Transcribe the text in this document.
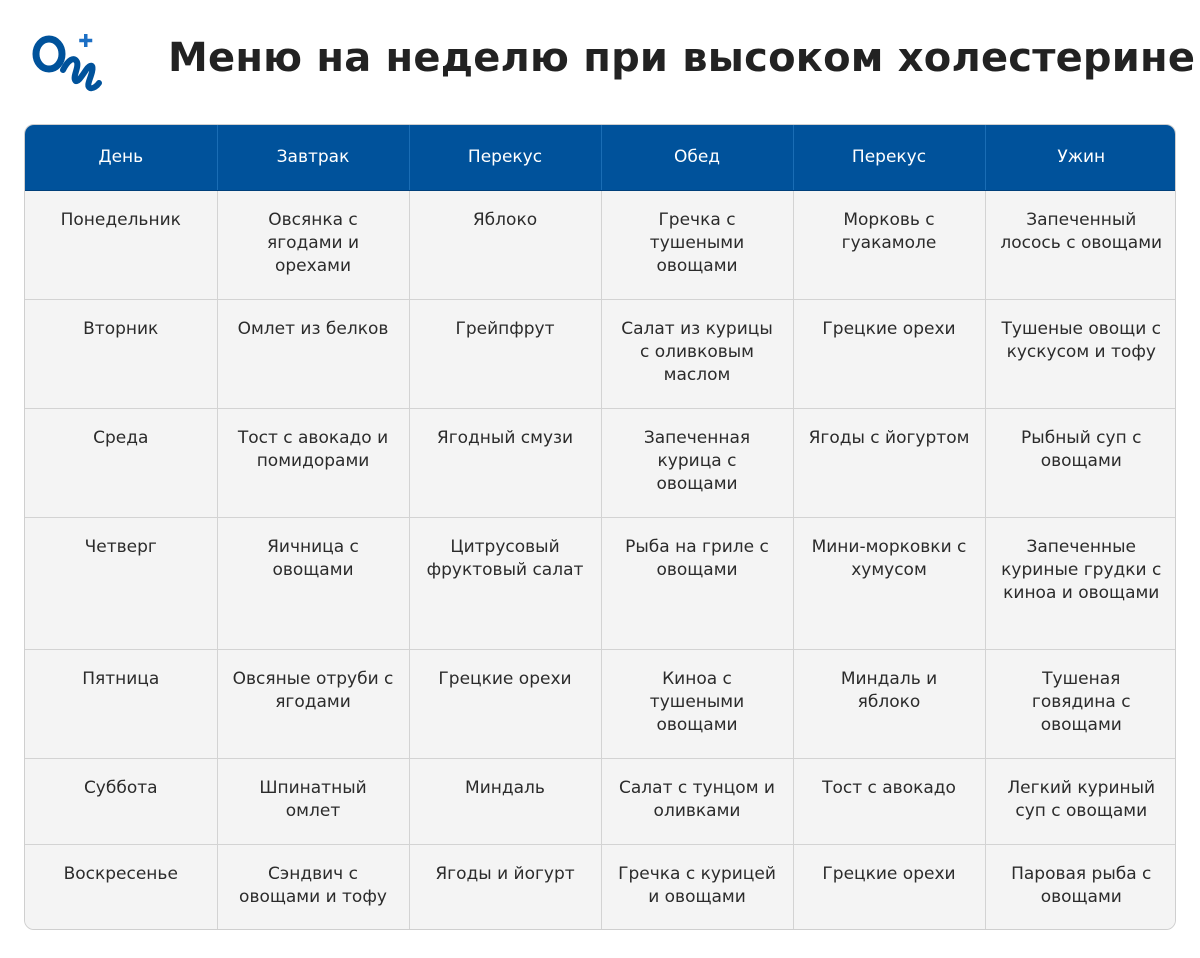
Меню на неделю при высоком холестерине
День	Завтрак	Перекус	Обед	Перекус	Ужин
Понедельник	Овсянка с ягодами и орехами	Яблоко	Гречка с тушеными овощами	Морковь с гуакамоле	Запеченный лосось с овощами
Вторник	Омлет из белков	Грейпфрут	Салат из курицы с оливковым маслом	Грецкие орехи	Тушеные овощи с кускусом и тофу
Среда	Тост с авокадо и помидорами	Ягодный смузи	Запеченная курица с овощами	Ягоды с йогуртом	Рыбный суп с овощами
Четверг	Яичница с овощами	Цитрусовый фруктовый салат	Рыба на гриле с овощами	Мини-морковки с хумусом	Запеченные куриные грудки с киноа и овощами
Пятница	Овсяные отруби с ягодами	Грецкие орехи	Киноа с тушеными овощами	Миндаль и яблоко	Тушеная говядина с овощами
Суббота	Шпинатный омлет	Миндаль	Салат с тунцом и оливками	Тост с авокадо	Легкий куриный суп с овощами
Воскресенье	Сэндвич с овощами и тофу	Ягоды и йогурт	Гречка с курицей и овощами	Грецкие орехи	Паровая рыба с овощами
